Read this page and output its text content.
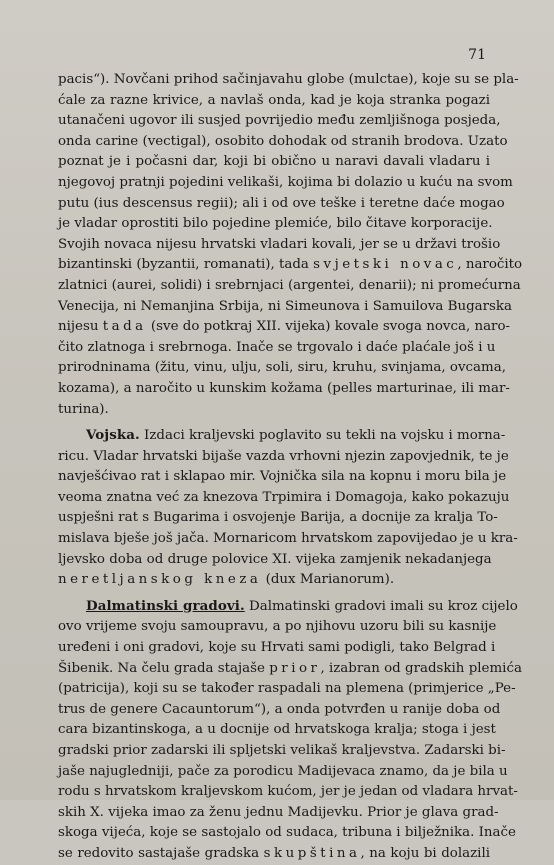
71
pacis“). Novčani prihod sačinjavahu globe (mulctae), koje su se pla-
ćale za razne krivice, a navlaš onda, kad je koja stranka pogazi
utanačeni ugovor ili susjed povrijedio među zemljišnoga posjeda,
onda carine (vectigal), osobito dohodak od stranih brodova. Uzato
poznat je i počasni dar, koji bi obično u naravi davali vladaru i
njegovoj pratnji pojedini velikaši, kojima bi dolazio u kuću na svom
putu (ius descensus regii); ali i od ove teške i teretne daće mogao
je vladar oprostiti bilo pojedine plemiće, bilo čitave korporacije.
Svojih novaca nijesu hrvatski vladari kovali, jer se u državi trošio
bizantinski (byzantii, romanati), tada svjetski novac, naročito
zlatnici (aurei, solidi) i srebrnjaci (argentei, denarii); ni promećurna
Venecija, ni Nemanjina Srbija, ni Simeunova i Samuilova Bugarska
nijesu tada (sve do potkraj XII. vijeka) kovale svoga novca, naro-
čito zlatnoga i srebrnoga. Inače se trgovalo i daće plaćale još i u
prirodninama (žitu, vinu, ulju, soli, siru, kruhu, svinjama, ovcama,
kozama), a naročito u kunskim kožama (pelles marturinae, ili mar-
turina).
Vojska. Izdaci kraljevski poglavito su tekli na vojsku i morna-
ricu. Vladar hrvatski bijaše vazda vrhovni njezin zapovjednik, te je
navješćivao rat i sklapao mir. Vojnička sila na kopnu i moru bila je
veoma znatna već za knezova Trpimira i Domagoja, kako pokazuju
uspješni rat s Bugarima i osvojenje Barija, a docnije za kralja To-
mislava bješe još jača. Mornaricom hrvatskom zapovijedao je u kra-
ljevsko doba od druge polovice XI. vijeka zamjenik nekadanjega
neretljanskog kneza (dux Marianorum).
Dalmatinski gradovi. Dalmatinski gradovi imali su kroz cijelo
ovo vrijeme svoju samoupravu, a po njihovu uzoru bili su kasnije
uređeni i oni gradovi, koje su Hrvati sami podigli, tako Belgrad i
Šibenik. Na čelu grada stajaše prior, izabran od gradskih plemića
(patricija), koji su se također raspadali na plemena (primjerice „Pe-
trus de genere Cacauntorum“), a onda potvrđen u ranije doba od
cara bizantinskoga, a u docnije od hrvatskoga kralja; stoga i jest
gradski prior zadarski ili spljetski velikaš kraljevstva. Zadarski bi-
jaše najugledniji, pače za porodicu Madijevaca znamo, da je bila u
rodu s hrvatskom kraljevskom kućom, jer je jedan od vladara hrvat-
skih X. vijeka imao za ženu jednu Madijevku. Prior je glava grad-
skoga vijeća, koje se sastojalo od sudaca, tribuna i bilježnika. Inače
se redovito sastajaše gradska skupština, na koju bi dolazili
